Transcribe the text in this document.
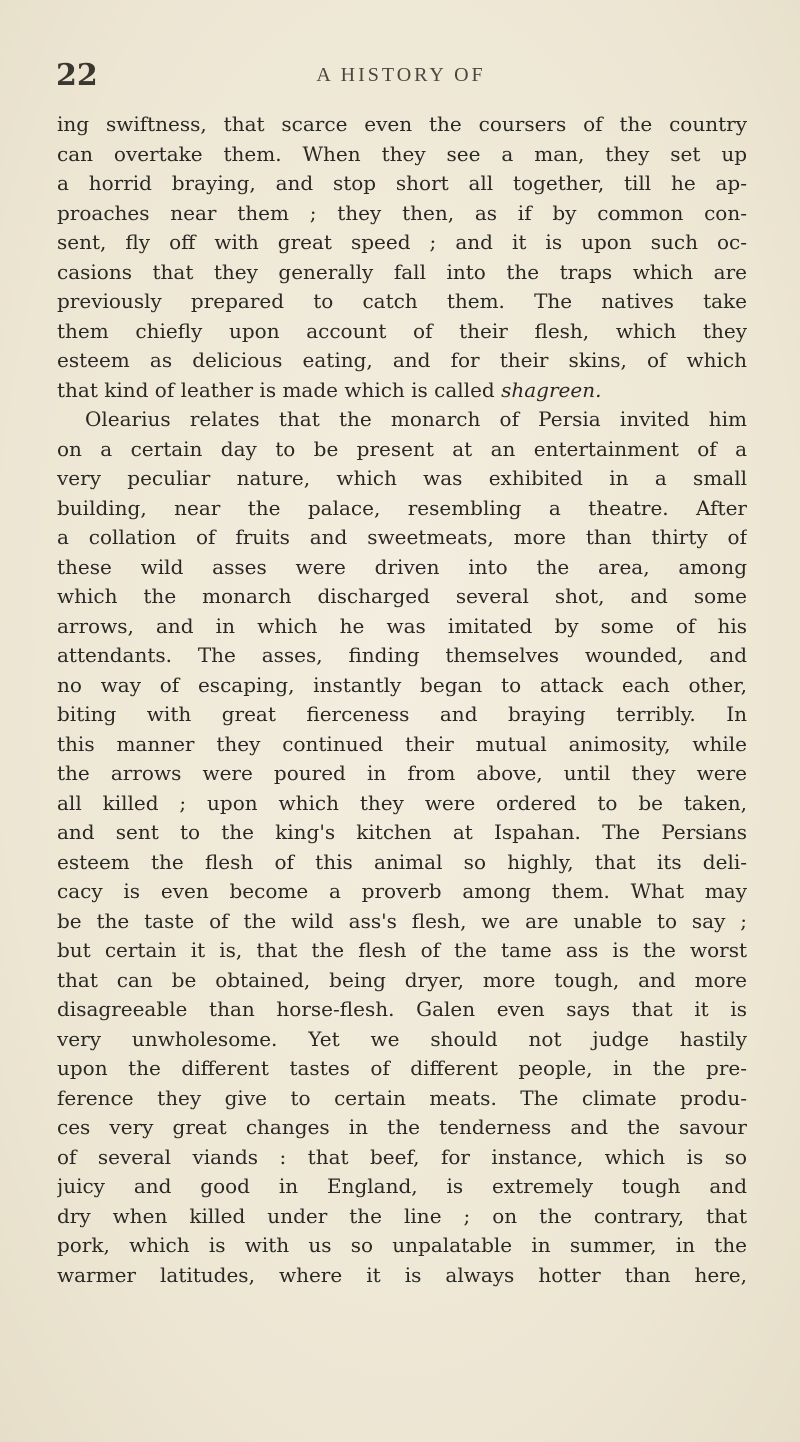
22	A HISTORY OF
ing swiftness, that scarce even the coursers of the country
can overtake them. When they see a man, they set up
a horrid braying, and stop short all together, till he ap-
proaches near them ; they then, as if by common con-
sent, fly off with great speed ; and it is upon such oc-
casions that they generally fall into the traps which are
previously prepared to catch them. The natives take
them chiefly upon account of their flesh, which they
esteem as delicious eating, and for their skins, of which
that kind of leather is made which is called shagreen.
Olearius relates that the monarch of Persia invited him
on a certain day to be present at an entertainment of a
very peculiar nature, which was exhibited in a small
building, near the palace, resembling a theatre. After
a collation of fruits and sweetmeats, more than thirty of
these wild asses were driven into the area, among
which the monarch discharged several shot, and some
arrows, and in which he was imitated by some of his
attendants. The asses, finding themselves wounded, and
no way of escaping, instantly began to attack each other,
biting with great fierceness and braying terribly. In
this manner they continued their mutual animosity, while
the arrows were poured in from above, until they were
all killed ; upon which they were ordered to be taken,
and sent to the king's kitchen at Ispahan. The Persians
esteem the flesh of this animal so highly, that its deli-
cacy is even become a proverb among them. What may
be the taste of the wild ass's flesh, we are unable to say ;
but certain it is, that the flesh of the tame ass is the worst
that can be obtained, being dryer, more tough, and more
disagreeable than horse-flesh. Galen even says that it is
very unwholesome. Yet we should not judge hastily
upon the different tastes of different people, in the pre-
ference they give to certain meats. The climate produ-
ces very great changes in the tenderness and the savour
of several viands : that beef, for instance, which is so
juicy and good in England, is extremely tough and
dry when killed under the line ; on the contrary, that
pork, which is with us so unpalatable in summer, in the
warmer latitudes, where it is always hotter than here,
